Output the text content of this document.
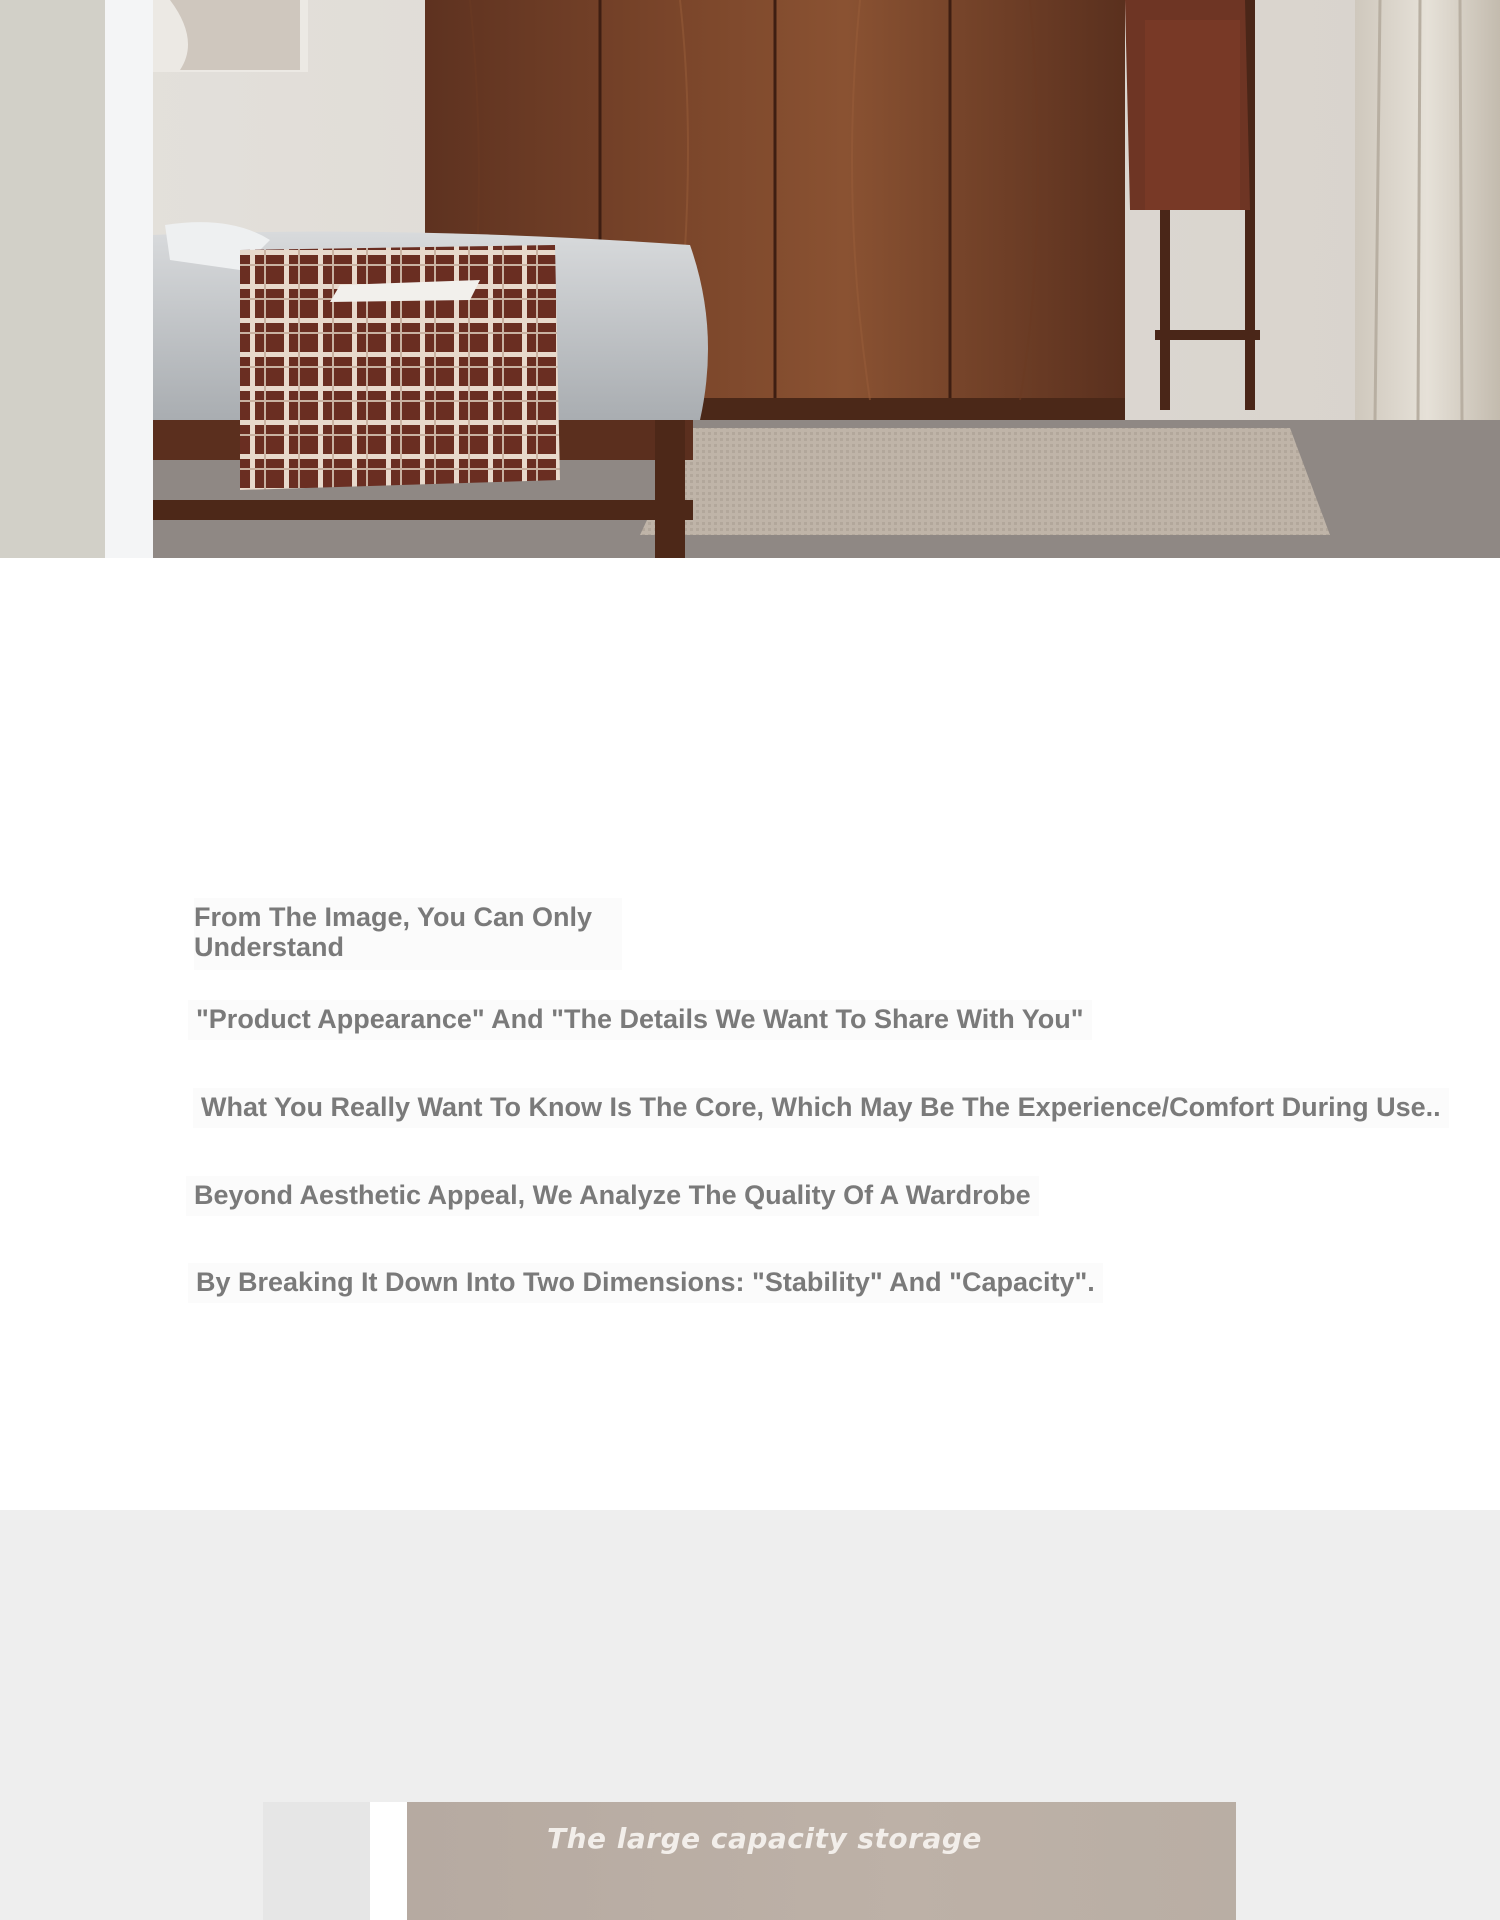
From The Image, You Can Only Understand
"Product Appearance" And "The Details We Want To Share With You"
What You Really Want To Know Is The Core, Which May Be The Experience/Comfort During Use..
Beyond Aesthetic Appeal, We Analyze The Quality Of A Wardrobe
By Breaking It Down Into Two Dimensions: "Stability" And "Capacity".
The large capacity storage
